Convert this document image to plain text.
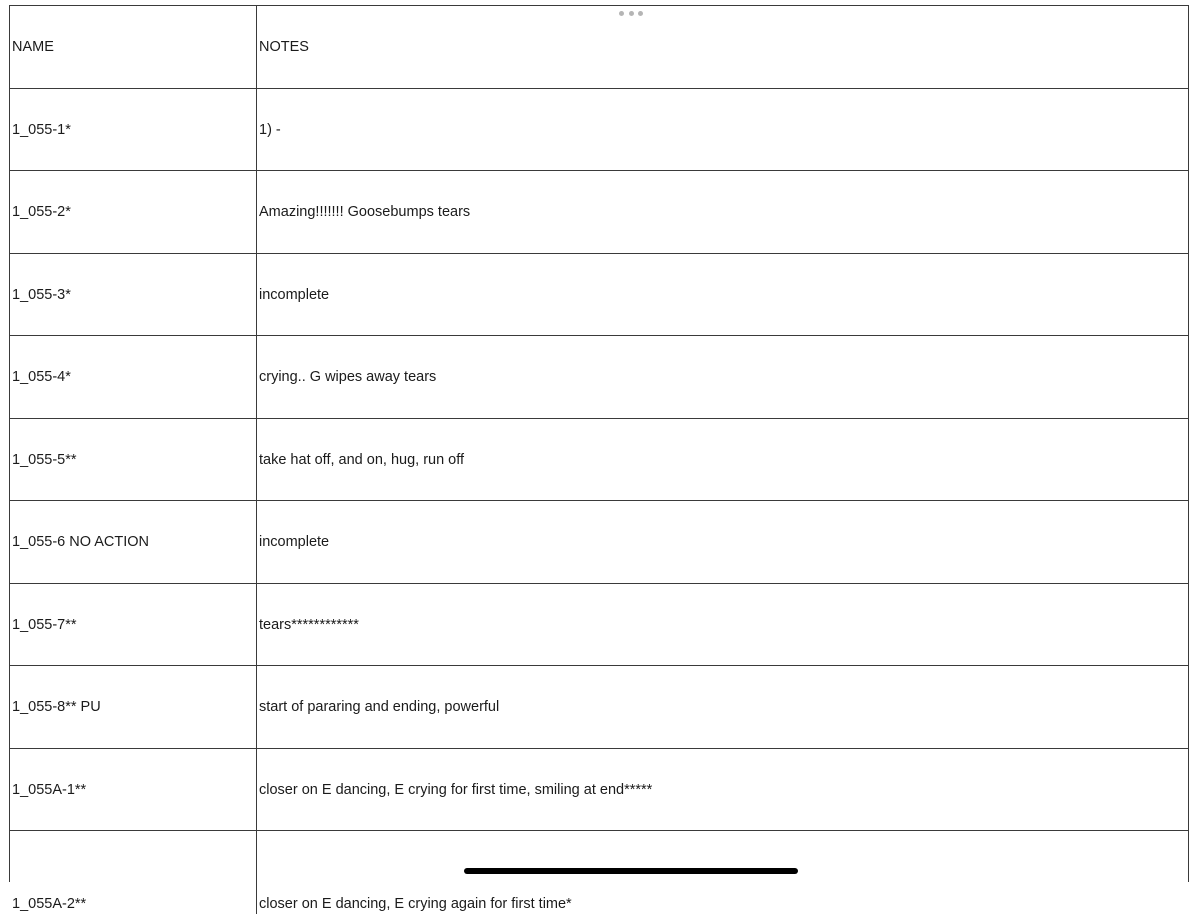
NAME	NOTES
1_055-1*	1) -
1_055-2*	Amazing!!!!!!! Goosebumps tears
1_055-3*	incomplete
1_055-4*	crying.. G wipes away tears
1_055-5**	take hat off, and on, hug, run off
1_055-6 NO ACTION	incomplete
1_055-7**	tears************
1_055-8** PU	start of pararing and ending, powerful
1_055A-1**	closer on E dancing, E crying for first time, smiling at end*****
1_055A-2**	closer on E dancing, E crying again for first time*
